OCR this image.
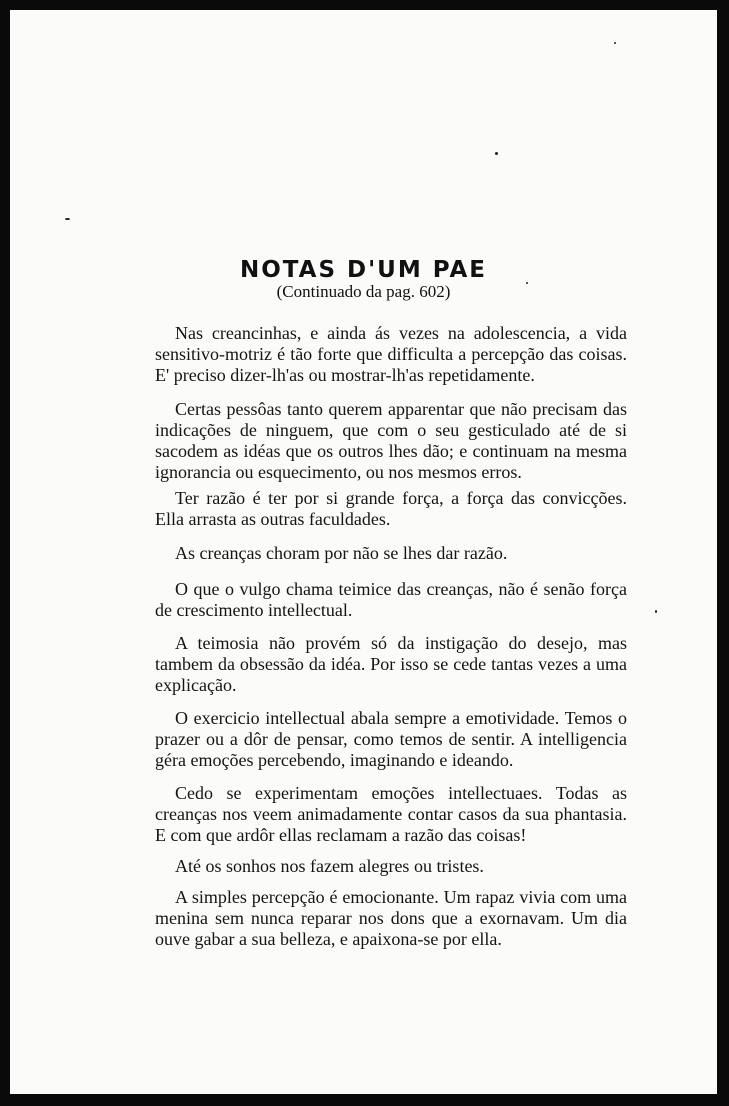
NOTAS D'UM PAE
(Continuado da pag. 602)

Nas creancinhas, e ainda ás vezes na adolescencia, a vida sensitivo-motriz é tão forte que difficulta a percepção das coisas. E' preciso dizer-lh'as ou mostrar-lh'as repetidamente.

Certas pessôas tanto querem apparentar que não precisam das indicações de ninguem, que com o seu gesticulado até de si sacodem as idéas que os outros lhes dão; e continuam na mesma ignorancia ou esquecimento, ou nos mesmos erros.

Ter razão é ter por si grande força, a força das convicções. Ella arrasta as outras faculdades.

As creanças choram por não se lhes dar razão.

O que o vulgo chama teimice das creanças, não é senão força de crescimento intellectual.

A teimosia não provém só da instigação do desejo, mas tambem da obsessão da idéa. Por isso se cede tantas vezes a uma explicação.

O exercicio intellectual abala sempre a emotividade. Temos o prazer ou a dôr de pensar, como temos de sentir. A intelligencia géra emoções percebendo, imaginando e ideando.

Cedo se experimentam emoções intellectuaes. Todas as creanças nos veem animadamente contar casos da sua phantasia. E com que ardôr ellas reclamam a razão das coisas!

Até os sonhos nos fazem alegres ou tristes.

A simples percepção é emocionante. Um rapaz vivia com uma menina sem nunca reparar nos dons que a exornavam. Um dia ouve gabar a sua belleza, e apaixona-se por ella.
